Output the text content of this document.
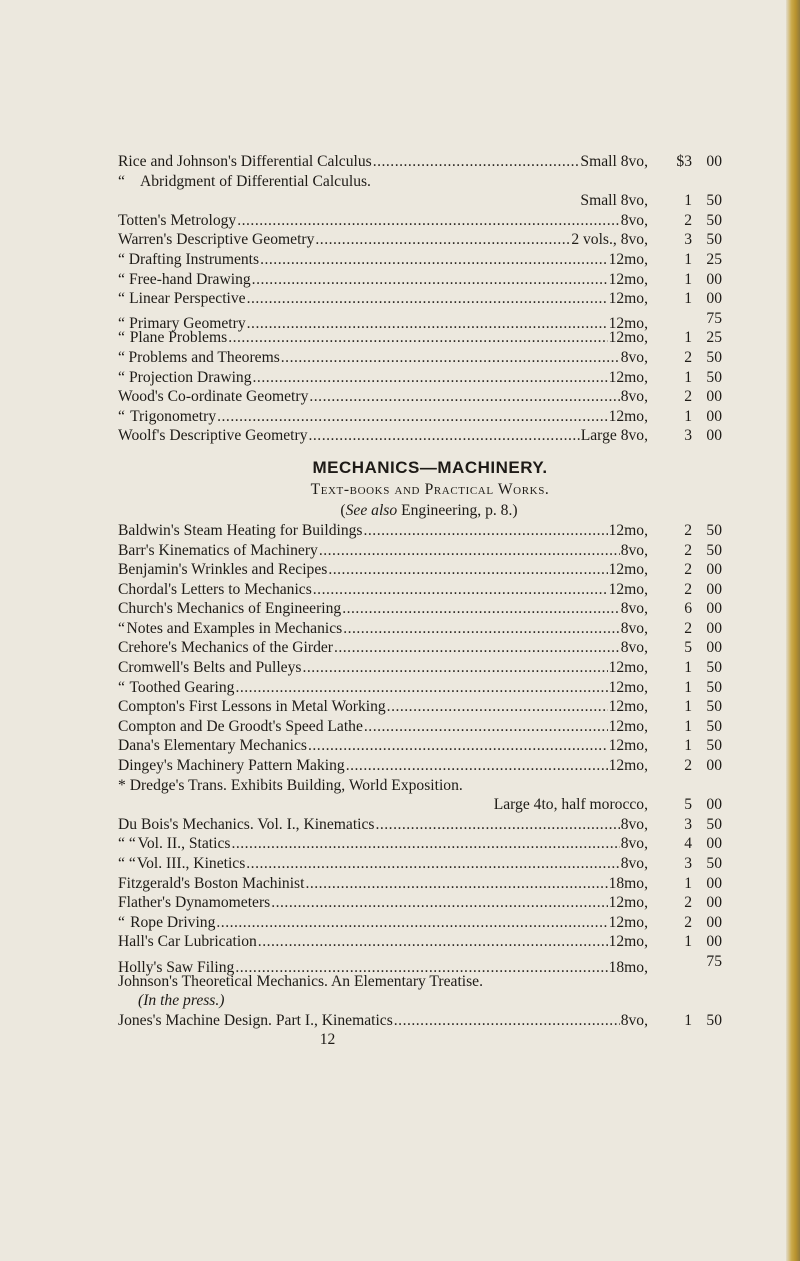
Rice and Johnson's Differential Calculus .....	Small 8vo,	$3 00
“ Abridgment of Differential Calculus.
Small 8vo,	1 50
Totten's Metrology .....	8vo,	2 50
Warren's Descriptive Geometry .....	2 vols., 8vo,	3 50
“ Drafting Instruments .....	12mo,	1 25
“ Free-hand Drawing .....	12mo,	1 00
“ Linear Perspective .....	12mo,	1 00
“ Primary Geometry .....	12mo,	75
“ Plane Problems .....	12mo,	1 25
“ Problems and Theorems .....	8vo,	2 50
“ Projection Drawing .....	12mo,	1 50
Wood's Co-ordinate Geometry .....	8vo,	2 00
“ Trigonometry .....	12mo,	1 00
Woolf's Descriptive Geometry .....	Large 8vo,	3 00
MECHANICS—MACHINERY.
Text-books and Practical Works.
(See also Engineering, p. 8.)
Baldwin's Steam Heating for Buildings .....	12mo,	2 50
Barr's Kinematics of Machinery .....	8vo,	2 50
Benjamin's Wrinkles and Recipes .....	12mo,	2 00
Chordal's Letters to Mechanics .....	12mo,	2 00
Church's Mechanics of Engineering .....	8vo,	6 00
“ Notes and Examples in Mechanics .....	8vo,	2 00
Crehore's Mechanics of the Girder .....	8vo,	5 00
Cromwell's Belts and Pulleys .....	12mo,	1 50
“ Toothed Gearing .....	12mo,	1 50
Compton's First Lessons in Metal Working .....	12mo,	1 50
Compton and De Groodt's Speed Lathe .....	12mo,	1 50
Dana's Elementary Mechanics .....	12mo,	1 50
Dingey's Machinery Pattern Making .....	12mo,	2 00
* Dredge's Trans. Exhibits Building, World Exposition.
Large 4to, half morocco,	5 00
Du Bois's Mechanics. Vol. I., Kinematics .....	8vo,	3 50
“ “ Vol. II., Statics .....	8vo,	4 00
“ “ Vol. III., Kinetics .....	8vo,	3 50
Fitzgerald's Boston Machinist .....	18mo,	1 00
Flather's Dynamometers .....	12mo,	2 00
“ Rope Driving .....	12mo,	2 00
Hall's Car Lubrication .....	12mo,	1 00
Holly's Saw Filing .....	18mo,	75
Johnson's Theoretical Mechanics. An Elementary Treatise.
(In the press.)
Jones's Machine Design. Part I., Kinematics .....	8vo,	1 50
12
